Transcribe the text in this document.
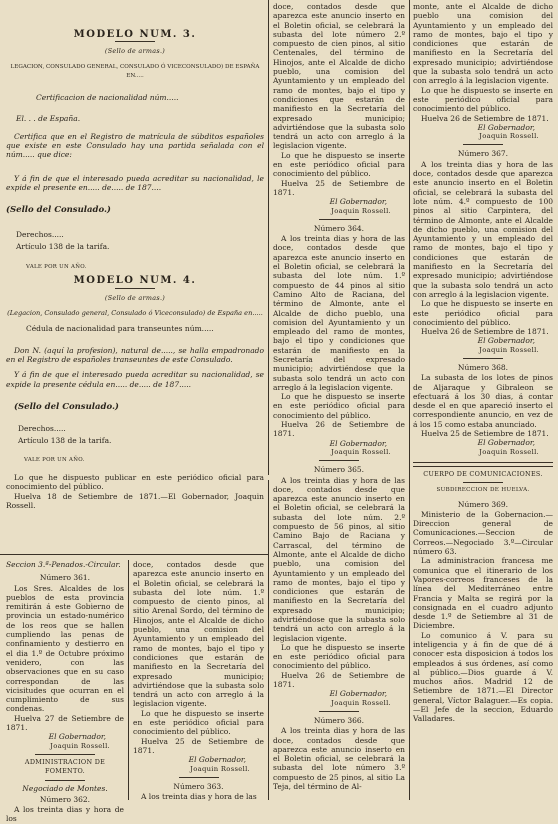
MODELO NUM. 3.

(Sello de armas.)

LEGACION, CONSULADO GENERAL, CONSULADO Ó VICECONSULADO) DE ESPAÑA EN.....

Certificacion de nacionalidad núm.....

El. . . de España.

Certifica que en el Registro de matrícula de súbditos españoles que existe en este Consulado hay una partida señalada con el núm..... que dice:

Y á fin de que el interesado pueda acreditar su nacionalidad, le expide el presente en..... de..... de 187....

(Sello del Consulado.)

Derechos.....

Artículo 138 de la tarifa.

VALE POR UN AÑO.

MODELO NUM. 4.

(Sello de armas.)

(Legacion, Consulado general, Consulado ó Viceconsulado) de España en.....

Cédula de nacionalidad para transeuntes núm.....

Don N. (aquí la profesion), natural de....., se halla empadronado en el Registro de españoles transeuntes de este Consulado.

Y á fin de que el interesado pueda acreditar su nacionalidad, se expide la presente cédula en..... de..... de 187.....

(Sello del Consulado.)

Derechos.....

Artículo 138 de la tarifa.

VALE POR UN AÑO.

Lo que he dispuesto publicar en este periódico oficial para conocimiento del público.

Huelva 18 de Setiembre de 1871.—El Gobernador, Joaquin Rossell.

Seccion 3.ª-Penados.-Circular.

Número 361.

Los Sres. Alcaldes de los pueblos de esta provincia remitirán á este Gobierno de provincia un estado-numérico de los reos que se hallen cumpliendo las penas de confinamiento y destierro en el dia 1.º de Octubre próximo venidero, con las observaciones que en su caso correspondan de las vicisitudes que ocurran en el cumplimiento de sus condenas.

Huelva 27 de Setiembre de 1871.

El Gobernador,

Joaquin Rossell.

ADMINISTRACION DE FOMENTO.

Negociado de Montes.

Número 362.

A los treinta dias y hora de los

doce, contados desde que aparezca este anuncio inserto en el Boletin oficial, se celebrará la subasta del lote núm. 1.º compuesto de ciento pinos, al sitio Arenal Sordo, del término de Hinojos, ante el Alcalde de dicho pueblo, una comision del Ayuntamiento y un empleado del ramo de montes, bajo el tipo y condiciones que estarán de manifiesto en la Secretaría del expresado municipio; advirtiéndose que la subasta solo tendrá un acto con arreglo á la legislacion vigente.

Lo que he dispuesto se inserte en este periódico oficial para conocimiento del público.

Huelva 25 de Setiembre de 1871.

El Gobernador,

Joaquin Rossell.

Número 363.

A los treinta dias y hora de las

doce, contados desde que aparezca este anuncio inserto en el Boletin oficial, se celebrará la subasta del lote número 2.º compuesto de cien pinos, al sitio Centenales, del término de Hinojos, ante el Alcalde de dicho pueblo, una comision del Ayuntamiento y un empleado del ramo de montes, bajo el tipo y condiciones que estarán de manifiesto en la Secretaría del expresado municipio; advirtiéndose que la subasta solo tendrá un acto con arreglo á la legislacion vigente.

Lo que he dispuesto se inserte en este periódico oficial para conocimiento del público.

Huelva 25 de Setiembre de 1871.

El Gobernador,

Joaquin Rossell.

Número 364.

A los treinta dias y hora de las doce, contados desde que aparezca este anuncio inserto en el Boletin oficial, se celebrará la subasta del lote núm. 1.º compuesto de 44 pinos al sitio Camino Alto de Raciana, del término de Almonte, ante el Alcalde de dicho pueblo, una comision del Ayuntamiento y un empleado del ramo de montes, bajo el tipo y condiciones que estarán de manifiesto en la Secretaría del expresado municipio; advirtiéndose que la subasta solo tendrá un acto con arreglo á la legislacion vigente.

Lo que he dispuesto se inserte en este periódico oficial para conocimiento del público.

Huelva 26 de Setiembre de 1871.

El Gobernador,

Joaquin Rossell.

Número 365.

A los treinta dias y hora de las doce, contados desde que aparezca este anuncio inserto en el Boletin oficial, se celebrará la subasta del lote núm. 2.º compuesto de 56 pinos, al sitio Camino Bajo de Raciana y Carrascal, del término de Almonte, ante el Alcalde de dicho pueblo, una comision del Ayuntamiento y un empleado del ramo de montes, bajo el tipo y condiciones que estarán de manifiesto en la Secretaría del expresado municipio; advirtiéndose que la subasta solo tendrá un acto con arreglo á la legislacion vigente.

Lo que he dispuesto se inserte en este periódico oficial para conocimiento del público.

Huelva 26 de Setiembre de 1871.

El Gobernador,

Joaquin Rossell.

Número 366.

A los treinta dias y hora de las doce, contados desde que aparezca este anuncio inserto en el Boletin oficial, se celebrará la subasta del lote número 3.º compuesto de 25 pinos, al sitio La Teja, del término de Al-

monte, ante el Alcalde de dicho pueblo una comision del Ayuntamiento y un empleado del ramo de montes, bajo el tipo y condiciones que estarán de manifiesto en la Secretaría del expresado municipio; advirtiéndose que la subasta solo tendrá un acto con arreglo á la legislacion vigente.

Lo que he dispuesto se inserte en este periódico oficial para conocimiento del público.

Huelva 26 de Setiembre de 1871.

El Gobernador,

Joaquin Rossell.

Número 367.

A los treinta dias y hora de las doce, contados desde que aparezca este anuncio inserto en el Boletin oficial, se celebrará la subasta del lote núm. 4.º compuesto de 100 pinos al sitio Carpintera, del término de Almonte, ante el Alcalde de dicho pueblo, una comision del Ayuntamiento y un empleado del ramo de montes, bajo el tipo y condiciones que estarán de manifiesto en la Secretaría del expresado municipio; advirtiéndose que la subasta solo tendrá un acto con arreglo á la legislacion vigente.

Lo que he dispuesto se inserte en este periódico oficial para conocimiento del público.

Huelva 26 de Setiembre de 1871.

El Gobernador,

Joaquin Rossell.

Número 368.

La subasta de los lotes de pinos de Aljaraque y Gibraleon se efectuará á los 30 dias, á contar desde el en que apareció inserto el correspondiente anuncio, en vez de á los 15 como estaba anunciado.

Huelva 25 de Setiembre de 1871.

El Gobernador,

Joaquin Rossell.

CUERPO DE COMUNICACIONES.

SUBDIRECCION DE HUELVA.

Número 369.

Ministerio de la Gobernacion.—Direccion general de Comunicaciones.—Seccion de Correos.—Negociado 3.º—Circular número 63.

La administracion francesa me comunica que el itinerario de los Vapores-correos franceses de la línea del Mediterráneo entre Francia y Malta se regirá por la consignada en el cuadro adjunto desde 1.º de Setiembre al 31 de Diciembre.

Lo comunico á V. para su inteligencia y á fin de que dé á conocer esta disposicion á todos los empleados á sus órdenes, así como al público.—Dios guarde á V. muchos años. Madrid 12 de Setiembre de 1871.—El Director general, Víctor Balaguer.—Es copia.—El Jefe de la seccion, Eduardo Valladares.
